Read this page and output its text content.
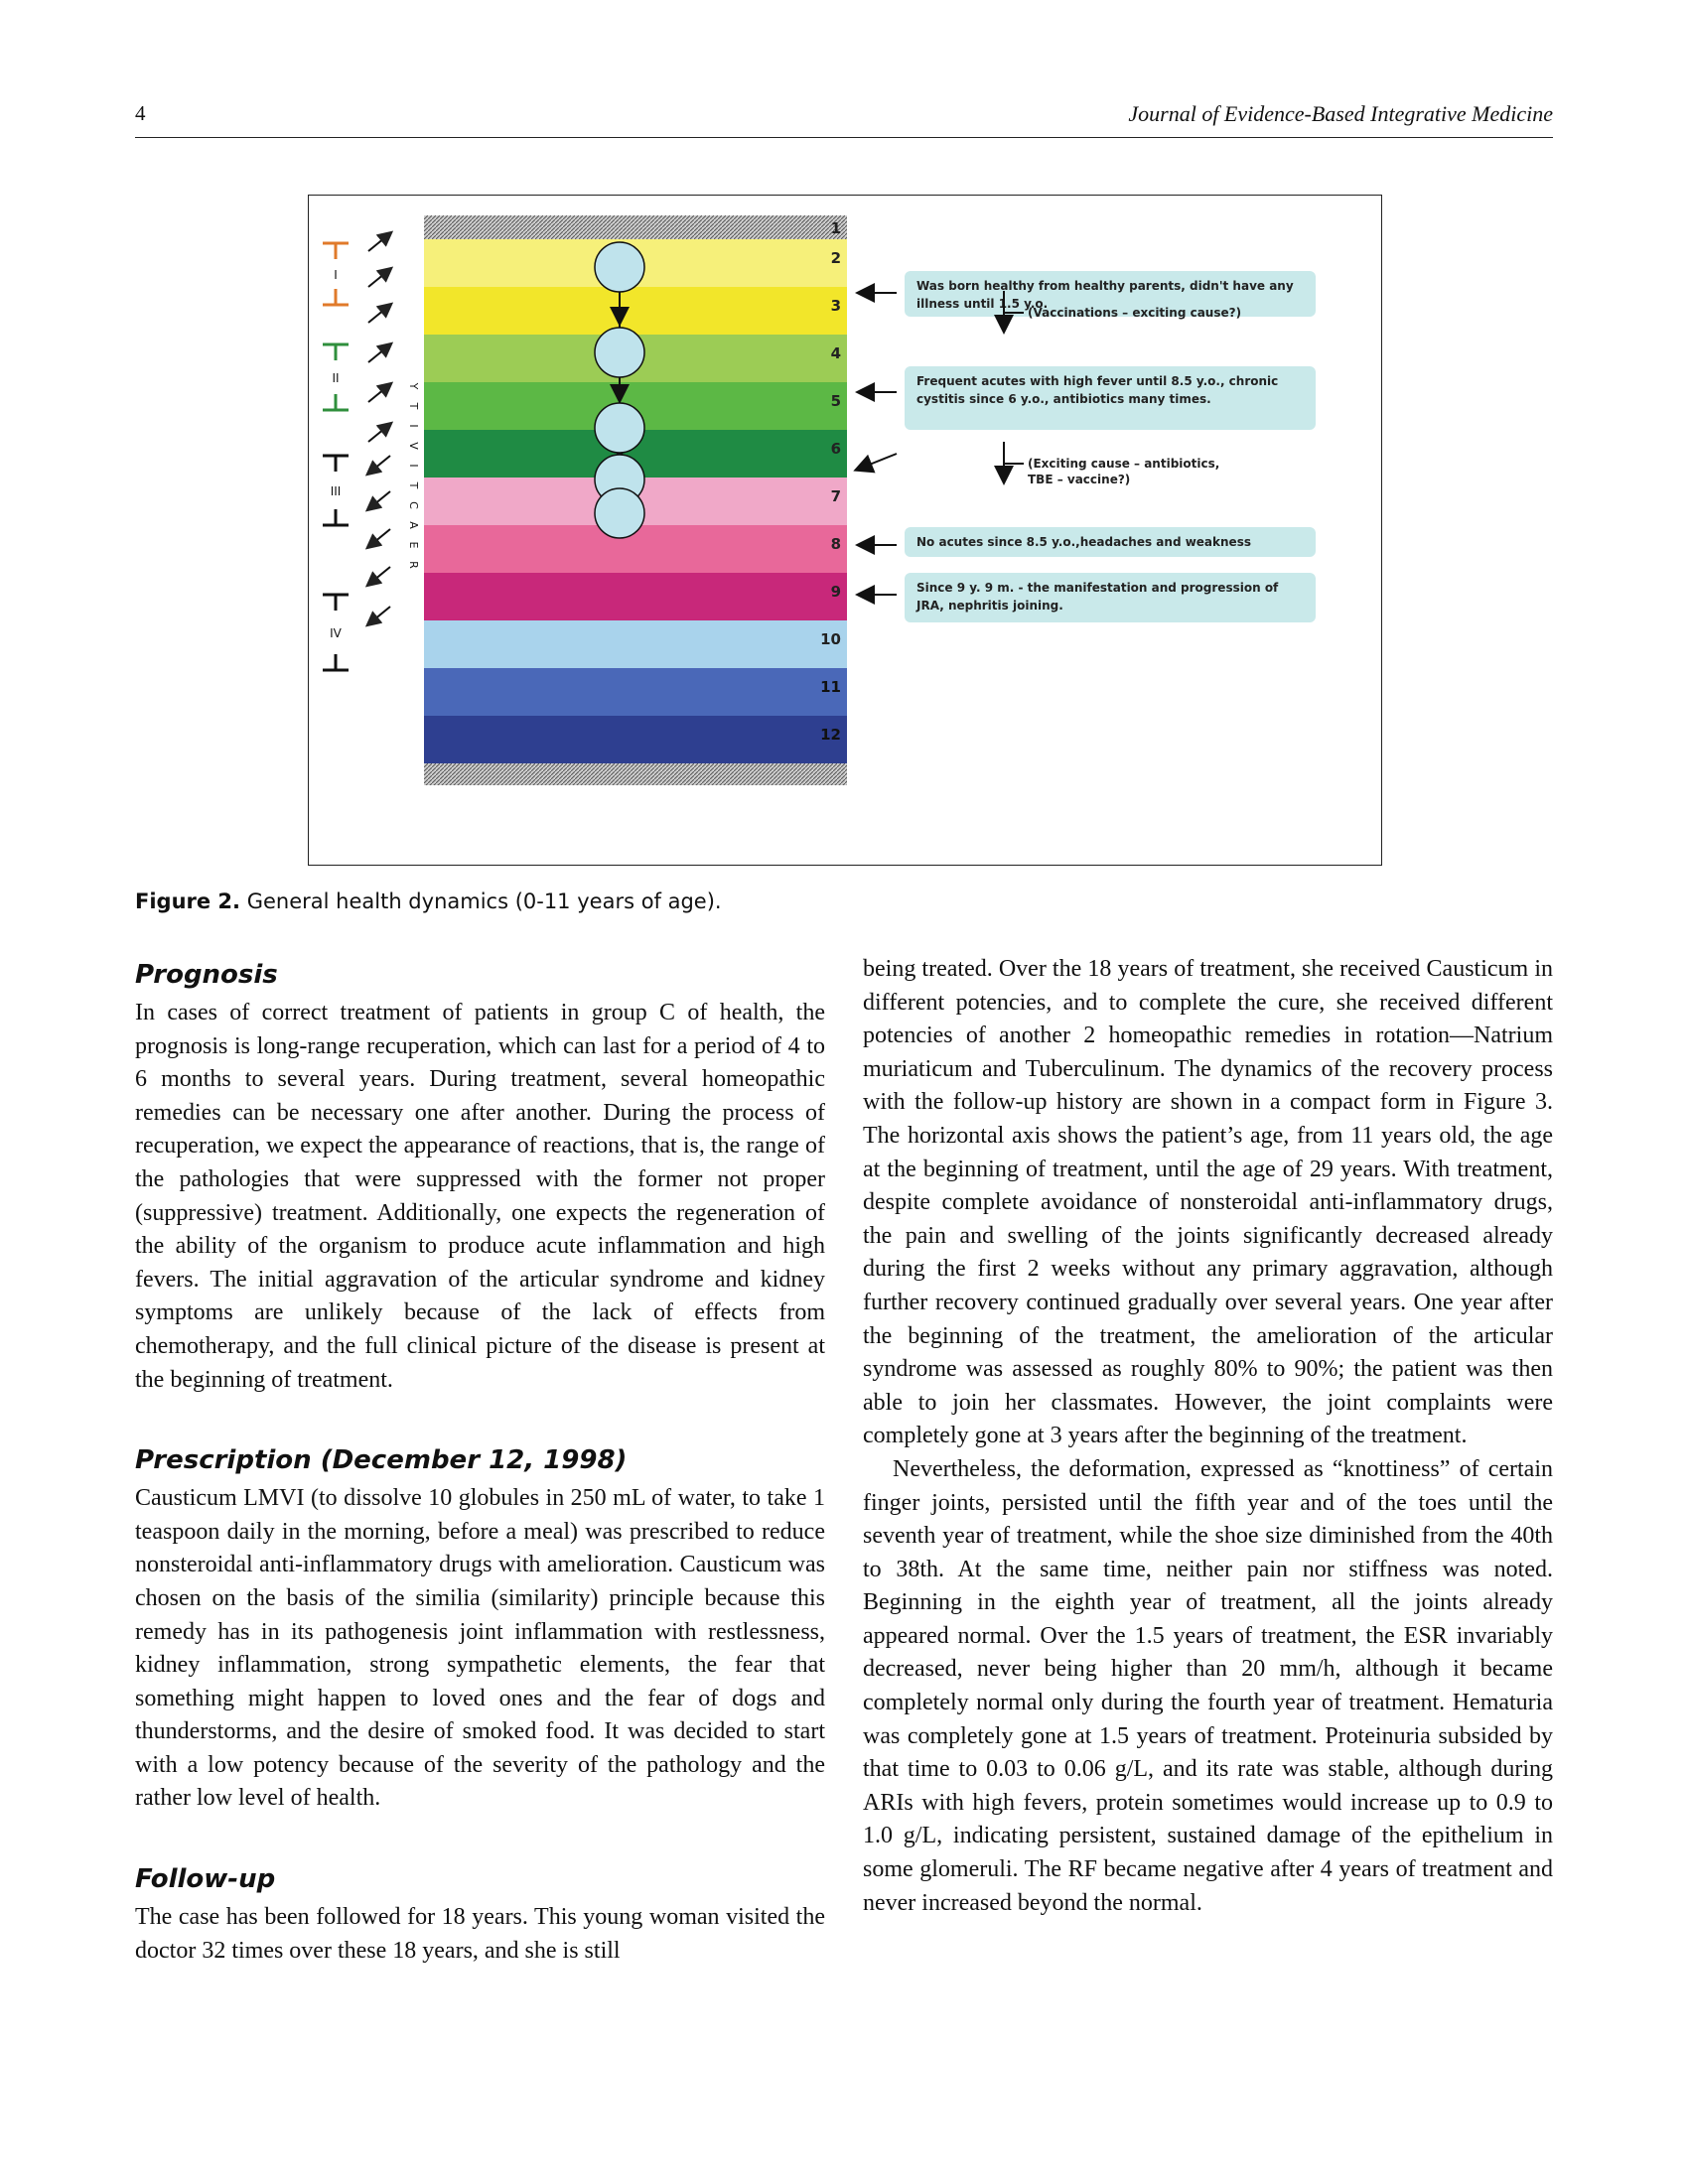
4	Journal of Evidence-Based Integrative Medicine
1
2
3
4
5
6
7
8
9
10
11
12
I
II
III
IV
R
E
A
C
T
I
V
I
T
Y
Was born healthy from healthy parents, didn't have any illness until 1.5 y.o.
Frequent acutes with high fever until 8.5 y.o., chronic cystitis since 6 y.o., antibiotics many times.
No acutes since 8.5 y.o.,headaches and weakness
Since 9 y. 9 m. - the manifestation and progression of JRA, nephritis joining.
(Vaccinations – exciting cause?)
(Exciting cause – antibiotics, TBE – vaccine?)
Figure 2. General health dynamics (0-11 years of age).
Prognosis

In cases of correct treatment of patients in group C of health, the prognosis is long-range recuperation, which can last for a period of 4 to 6 months to several years. During treatment, several homeopathic remedies can be necessary one after another. During the process of recuperation, we expect the appearance of reactions, that is, the range of the pathologies that were suppressed with the former not proper (suppressive) treatment. Additionally, one expects the regeneration of the ability of the organism to produce acute inflammation and high fevers. The initial aggravation of the articular syndrome and kidney symptoms are unlikely because of the lack of effects from chemotherapy, and the full clinical picture of the disease is present at the beginning of treatment.

Prescription (December 12, 1998)

Causticum LMVI (to dissolve 10 globules in 250 mL of water, to take 1 teaspoon daily in the morning, before a meal) was prescribed to reduce nonsteroidal anti-inflammatory drugs with amelioration. Causticum was chosen on the basis of the similia (similarity) principle because this remedy has in its pathogenesis joint inflammation with restlessness, kidney inflammation, strong sympathetic elements, the fear that something might happen to loved ones and the fear of dogs and thunderstorms, and the desire of smoked food. It was decided to start with a low potency because of the severity of the pathology and the rather low level of health.

Follow-up

The case has been followed for 18 years. This young woman visited the doctor 32 times over these 18 years, and she is still

being treated. Over the 18 years of treatment, she received Causticum in different potencies, and to complete the cure, she received different potencies of another 2 homeopathic remedies in rotation—Natrium muriaticum and Tuberculinum. The dynamics of the recovery process with the follow-up history are shown in a compact form in Figure 3. The horizontal axis shows the patient’s age, from 11 years old, the age at the beginning of treatment, until the age of 29 years. With treatment, despite complete avoidance of nonsteroidal anti-inflammatory drugs, the pain and swelling of the joints significantly decreased already during the first 2 weeks without any primary aggravation, although further recovery continued gradually over several years. One year after the beginning of the treatment, the amelioration of the articular syndrome was assessed as roughly 80% to 90%; the patient was then able to join her classmates. However, the joint complaints were completely gone at 3 years after the beginning of the treatment.

Nevertheless, the deformation, expressed as “knottiness” of certain finger joints, persisted until the fifth year and of the toes until the seventh year of treatment, while the shoe size diminished from the 40th to 38th. At the same time, neither pain nor stiffness was noted. Beginning in the eighth year of treatment, all the joints already appeared normal. Over the 1.5 years of treatment, the ESR invariably decreased, never being higher than 20 mm/h, although it became completely normal only during the fourth year of treatment. Hematuria was completely gone at 1.5 years of treatment. Proteinuria subsided by that time to 0.03 to 0.06 g/L, and its rate was stable, although during ARIs with high fevers, protein sometimes would increase up to 0.9 to 1.0 g/L, indicating persistent, sustained damage of the epithelium in some glomeruli. The RF became negative after 4 years of treatment and never increased beyond the normal.
